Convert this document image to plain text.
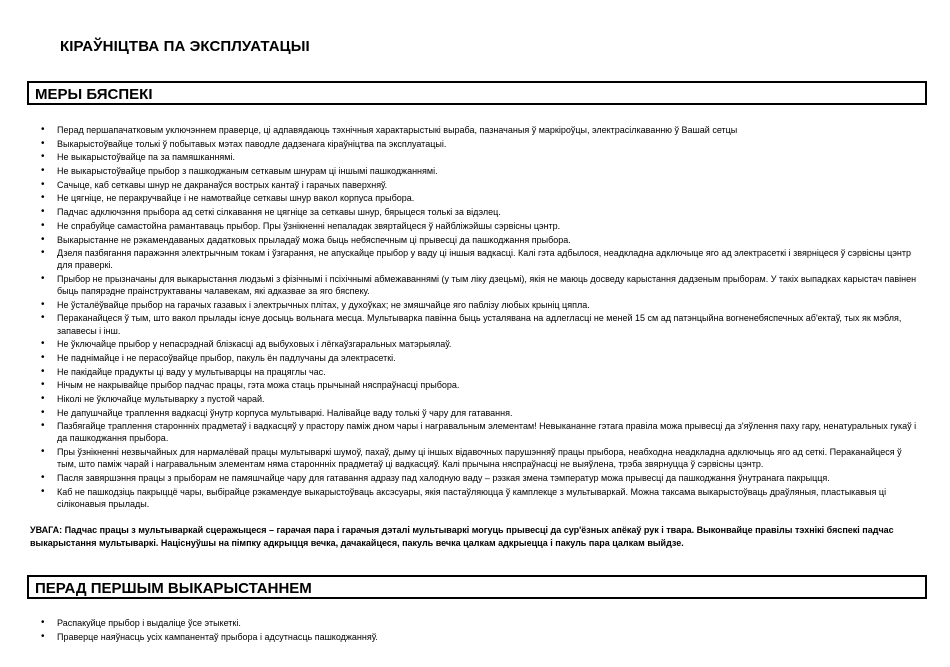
КІРАЎНІЦТВА ПА ЭКСПЛУАТАЦЫІ
МЕРЫ БЯСПЕКІ
• Перад першапачатковым уключэннем праверце, ці адпавядаюць тэхнічныя характарыстыкі выраба, пазначаныя ў маркіроўцы, электрасілкаванню ў Вашай сетцы
• Выкарыстоўвайце толькі ў побытавых мэтах паводле дадзенага кіраўніцтва па эксплуатацыі.
• Не выкарыстоўвайце па за памяшканнямі.
• Не выкарыстоўвайце прыбор з пашкоджаным сеткавым шнурам ці іншымі пашкоджаннямі.
• Сачыце, каб сеткавы шнур не дакранаўся вострых кантаў і гарачых паверхняў.
• Не цягніце, не перакручвайце і не намотвайце сеткавы шнур вакол корпуса прыбора.
• Падчас адключэння прыбора ад сеткі сілкавання не цягніце за сеткавы шнур, бярыцеся толькі за відэлец.
• Не спрабуйце самастойна рамантаваць прыбор. Пры ўзнікненні непаладак звяртайцеся ў найбліжэйшы сэрвісны цэнтр.
• Выкарыстанне не рэкамендаваных дадатковых прыладаў можа быць небяспечным ці прывесці да пашкоджання прыбора.
• Дзеля пазбягання паражэння электрычным токам і ўзгарання, не апускайце прыбор у ваду ці іншыя вадкасці. Калі гэта адбылося, неадкладна адключыце яго ад электрасеткі і звярніцеся ў сэрвісны цэнтр для праверкі.
• Прыбор не прызначаны для выкарыстання людзьмі з фізічнымі і псіхічнымі абмежаваннямі (у тым ліку дзецьмі), якія не маюць досведу карыстання дадзеным прыборам. У такіх выпадках карыстач павінен быць папярэдне праінструктаваны чалавекам, які адказвае за яго бяспеку.
• Не ўсталёўвайце прыбор на гарачых газавых і электрычных плітах, у духоўках; не змяшчайце яго паблізу любых крыніц цяпла.
• Пераканайцеся ў тым, што вакол прылады існуе досыць вольнага месца. Мультыварка павінна быць усталявана на адлегласці не меней 15 см ад патэнцыйна вогненебяспечных аб'ектаў, тых як мэбля, запавесы і інш.
• Не ўключайце прыбор у непасрэднай блізкасці ад выбуховых і лёгкаўзгаральных матэрыялаў.
• Не паднімайце і не перасоўвайце прыбор, пакуль ён падлучаны да электрасеткі.
• Не пакідайце прадукты ці ваду у мультыварцы на працяглы час.
• Нічым не накрывайце прыбор падчас працы, гэта можа стаць прычынай няспраўнасці прыбора.
• Ніколі не ўключайце мультыварку з пустой чарай.
• Не дапушчайце траплення вадкасці ўнутр корпуса мультываркі. Налівайце ваду толькі ў чару для гатавання.
• Пазбягайце траплення староннніх прадметаў і вадкасцяў у прастору паміж дном чары і награвальным элементам! Невыкананне гэтага правіла можа прывесці да з'яўлення паху гару, ненатуральных гукаў і да пашкоджання прыбора.
• Пры ўзнікненні незвычайных для нармалёвай працы мультываркі шумоў, пахаў, дыму ці іншых відавочных парушэнняў працы прыбора, неабходна неадкладна адключыць яго ад сеткі. Пераканайцеся ў тым, што паміж чарай і награвальным элементам няма староннніх прадметаў ці вадкасцяў. Калі прычына няспраўнасці не выяўлена, трэба звярнуцца ў сэрвісны цэнтр.
• Пасля завяршэння працы з прыборам не памяшчайце чару для гатавання адразу пад халодную ваду – рэзкая змена тэмператур можа прывесці да пашкоджання ўнутранага пакрыцця.
• Каб не пашкодзіць пакрыццё чары, выбірайце рэкамендуе выкарыстоўваць аксэсуары, якія пастаўляюцца ў камплекце з мультываркай. Можна таксама выкарыстоўваць драўляныя, пластыкавыя ці сіліконавыя прылады.
УВАГА: Падчас працы з мультываркай сцеражыцеся – гарачая пара і гарачыя дэталі мультываркі могуць прывесці да сур'ёзных апёкаў рук і твара. Выконвайце правілы тэхнікі бяспекі падчас выкарыстання мультываркі. Націснуўшы на пімпку адкрыцця вечка, дачакайцеся, пакуль вечка цалкам адкрыецца і пакуль пара цалкам выйдзе.
ПЕРАД ПЕРШЫМ ВЫКАРЫСТАННЕМ
• Распакуйце прыбор і выдаліце ўсе этыкеткі.
• Праверце наяўнасць усіх кампанентаў прыбора і адсутнасць пашкоджанняў.
